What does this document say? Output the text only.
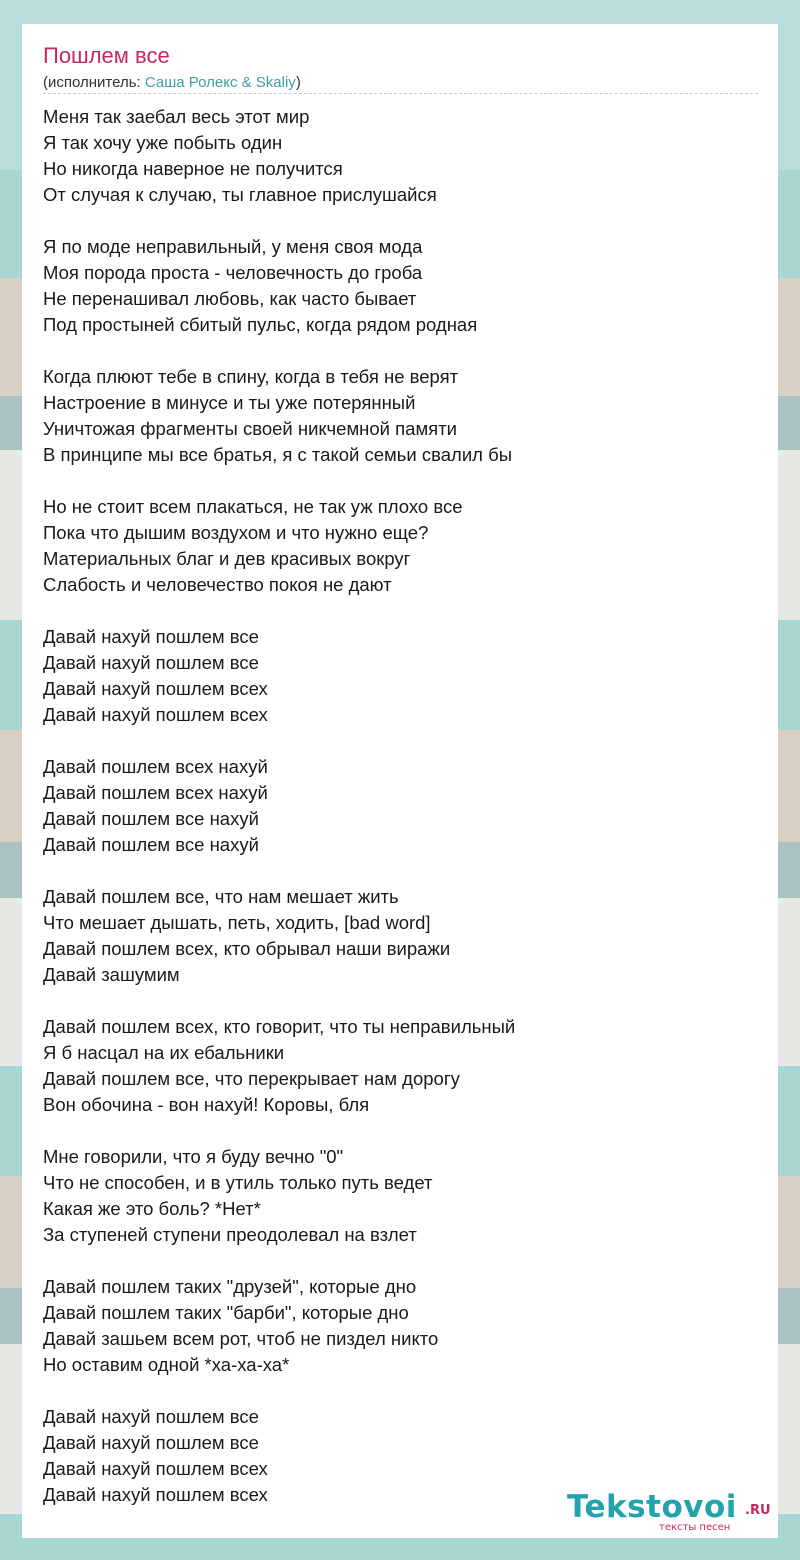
Пошлем все
(исполнитель: Саша Ролекс & Skaliy)
Меня так заебал весь этот мир
Я так хочу уже побыть один
Но никогда наверное не получится
От случая к случаю, ты главное прислушайся
Я по моде неправильный, у меня своя мода
Моя порода проста - человечность до гроба
Не перенашивал любовь, как часто бывает
Под простыней сбитый пульс, когда рядом родная
Когда плюют тебе в спину, когда в тебя не верят
Настроение в минусе и ты уже потерянный
Уничтожая фрагменты своей никчемной памяти
В принципе мы все братья, я с такой семьи свалил бы
Но не стоит всем плакаться, не так уж плохо все
Пока что дышим воздухом и что нужно еще?
Материальных благ и дев красивых вокруг
Слабость и человечество покоя не дают
Давай нахуй пошлем все
Давай нахуй пошлем все
Давай нахуй пошлем всех
Давай нахуй пошлем всех
Давай пошлем всех нахуй
Давай пошлем всех нахуй
Давай пошлем все нахуй
Давай пошлем все нахуй
Давай пошлем все, что нам мешает жить
Что мешает дышать, петь, ходить, [bad word]
Давай пошлем всех, кто обрывал наши виражи
Давай зашумим
Давай пошлем всех, кто говорит, что ты неправильный
Я б насцал на их ебальники
Давай пошлем все, что перекрывает нам дорогу
Вон обочина - вон нахуй! Коровы, бля
Мне говорили, что я буду вечно "0"
Что не способен, и в утиль только путь ведет
Какая же это боль? *Нет*
За ступеней ступени преодолевал на взлет
Давай пошлем таких "друзей", которые дно
Давай пошлем таких "барби", которые дно
Давай зашьем всем рот, чтоб не пиздел никто
Но оставим одной *ха-ха-ха*
Давай нахуй пошлем все
Давай нахуй пошлем все
Давай нахуй пошлем всех
Давай нахуй пошлем всех	Tekstovoi .RU
тексты песен
